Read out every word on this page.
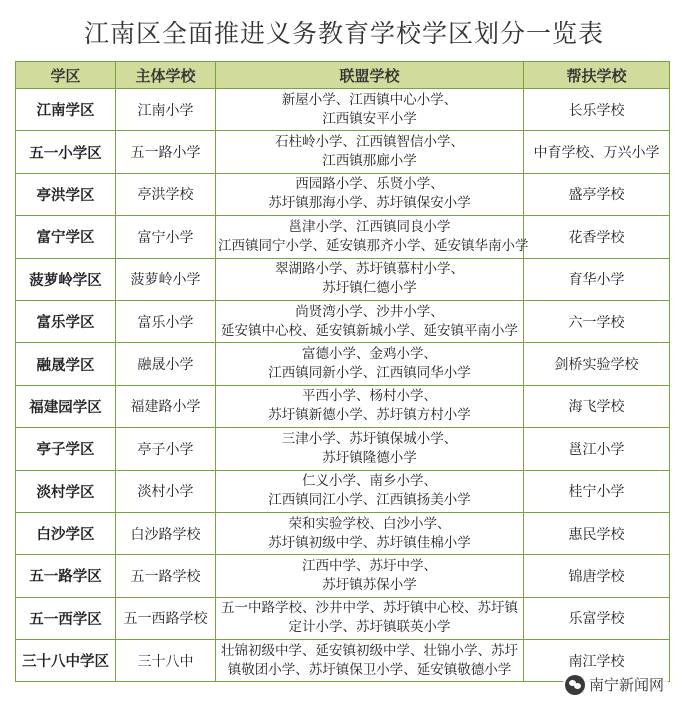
江南区全面推进义务教育学校学区划分一览表
学区	主体学校	联盟学校	帮扶学校
江南学区	江南小学	新屋小学、江西镇中心小学、
江西镇安平小学	长乐学校
五一小学区	五一路小学	石柱岭小学、江西镇智信小学、
江西镇那廊小学	中育学校、万兴小学
亭洪学区	亭洪学校	西园路小学、乐贤小学、
苏圩镇那海小学、苏圩镇保安小学	盛亭学校
富宁学区	富宁小学	邕津小学、江西镇同良小学
江西镇同宁小学、延安镇那齐小学、延安镇华南小学	花香学校
菠萝岭学区	菠萝岭小学	翠湖路小学、苏圩镇慕村小学、
苏圩镇仁德小学	育华小学
富乐学区	富乐小学	尚贤湾小学、沙井小学、
延安镇中心校、延安镇新城小学、延安镇平南小学	六一学校
融晟学区	融晟小学	富德小学、金鸡小学、
江西镇同新小学、江西镇同华小学	剑桥实验学校
福建园学区	福建路小学	平西小学、杨村小学、
苏圩镇新德小学、苏圩镇方村小学	海飞学校
亭子学区	亭子小学	三津小学、苏圩镇保城小学、
苏圩镇隆德小学	邕江小学
淡村学区	淡村小学	仁义小学、南乡小学、
江西镇同江小学、江西镇扬美小学	桂宁小学
白沙学区	白沙路学校	荣和实验学校、白沙小学、
苏圩镇初级中学、苏圩镇佳棉小学	惠民学校
五一路学区	五一路学校	江西中学、苏圩中学、
苏圩镇苏保小学	锦唐学校
五一西学区	五一西路学校	五一中路学校、沙井中学、苏圩镇中心校、苏圩镇
定计小学、苏圩镇联英小学	乐富学校
三十八中学区	三十八中	壮锦初级中学、延安镇初级中学、壮锦小学、苏圩
镇敬团小学、苏圩镇保卫小学、延安镇敬德小学	南江学校
南宁新闻网
